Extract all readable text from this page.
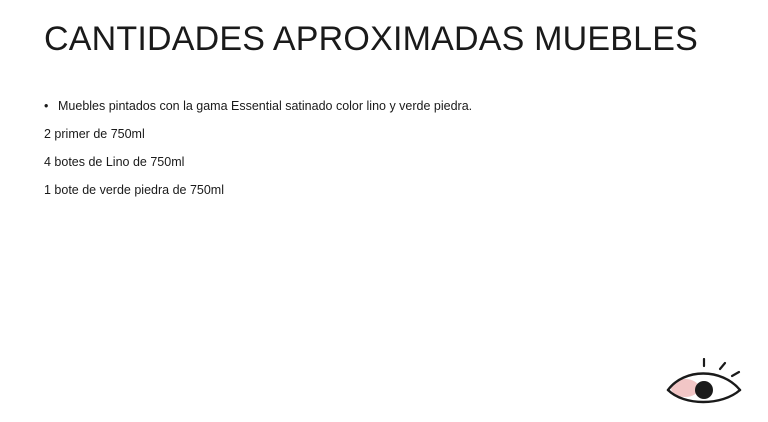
CANTIDADES APROXIMADAS MUEBLES
• Muebles pintados con la gama Essential satinado color lino y verde piedra.
2 primer de 750ml
4 botes de Lino de 750ml
1 bote de verde piedra de 750ml
